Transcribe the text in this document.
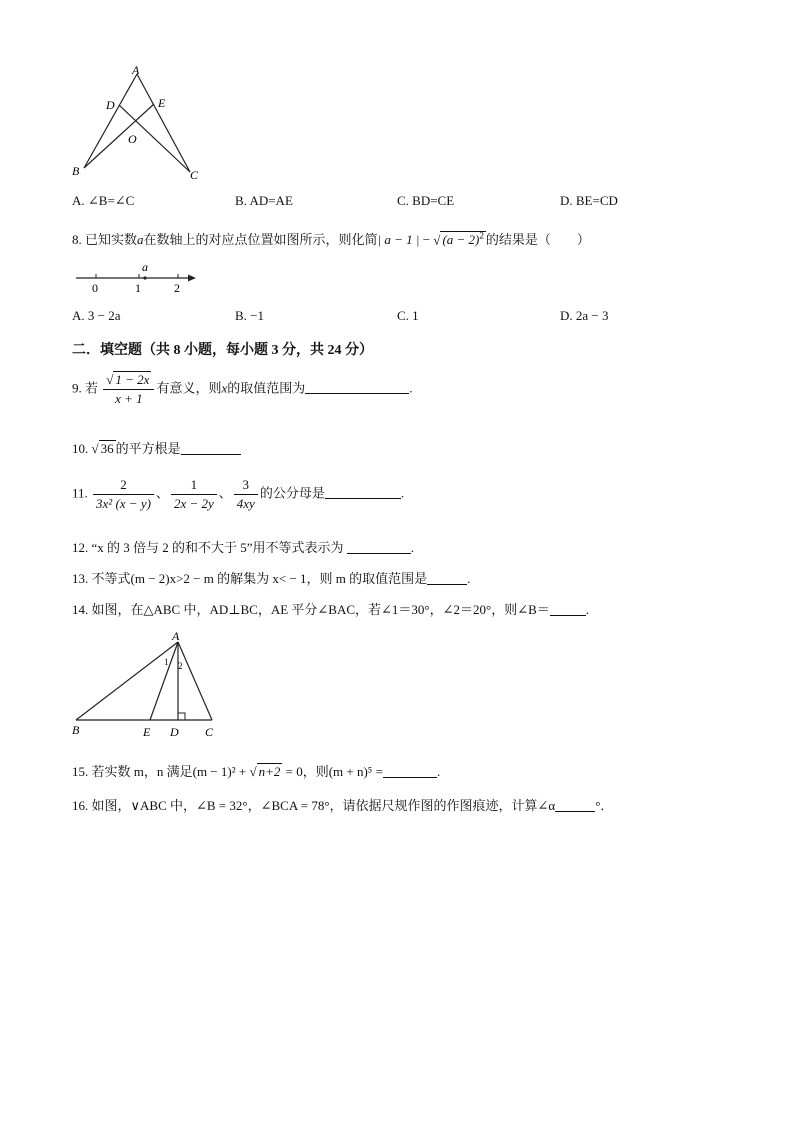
A
D	E
O
B	C
A. ∠B=∠C	B. AD=AE	C. BD=CE	D. BE=CD
8. 已知实数a在数轴上的对应点位置如图所示，则化简| a − 1 | − √ $(a - 2)^2$ 的结果是（　　）
a
0	1	2
A. 3 − 2a	B. −1	C. 1	D. 2a − 3
二．填空题（共 8 小题，每小题 3 分，共 24 分）
9. 若 $\frac{√ 1 - 2x}{x + 1}$ 有意义，则x的取值范围为	.
10. √ 36 的平方根是
11. $\frac{2}{\text{3x² (x − y)}}$ 、 $\frac{1}{2x - 2y}$ 、 $\frac{3}{4xy}$ 的公分母是	.
12. “x 的 3 倍与 2 的和不大于 5”用不等式表示为	.
13. 不等式(m − 2)x>2 − m 的解集为 x< − 1，则 m 的取值范围是	.
14. 如图，在△ABC 中，AD⊥BC，AE 平分∠BAC，若∠1＝30°，∠2＝20°，则∠B＝	.
A
1 2
B	E D C
15. 若实数 m，n 满足(m − 1)² + √ n+2 = 0，则(m + n)⁵ =	.
16. 如图，∨ABC 中，∠B = 32°，∠BCA = 78°，请依据尺规作图的作图痕迹，计算∠α	°．
